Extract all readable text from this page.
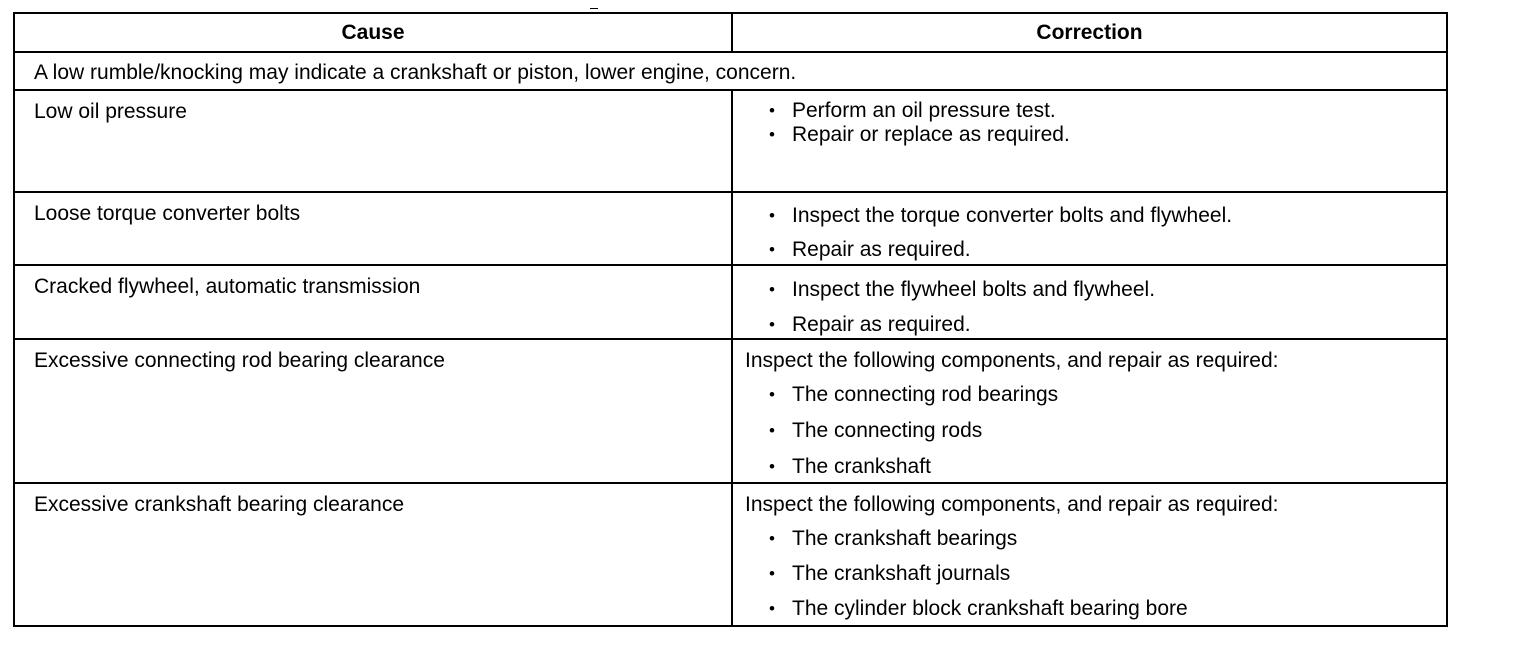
Cause	Correction
A low rumble/knocking may indicate a crankshaft or piston, lower engine, concern.
Low oil pressure	• Perform an oil pressure test.
• Repair or replace as required.
Loose torque converter bolts	• Inspect the torque converter bolts and flywheel.
• Repair as required.
Cracked flywheel, automatic transmission	• Inspect the flywheel bolts and flywheel.
• Repair as required.
Excessive connecting rod bearing clearance	Inspect the following components, and repair as required:
• The connecting rod bearings
• The connecting rods
• The crankshaft
Excessive crankshaft bearing clearance	Inspect the following components, and repair as required:
• The crankshaft bearings
• The crankshaft journals
• The cylinder block crankshaft bearing bore
